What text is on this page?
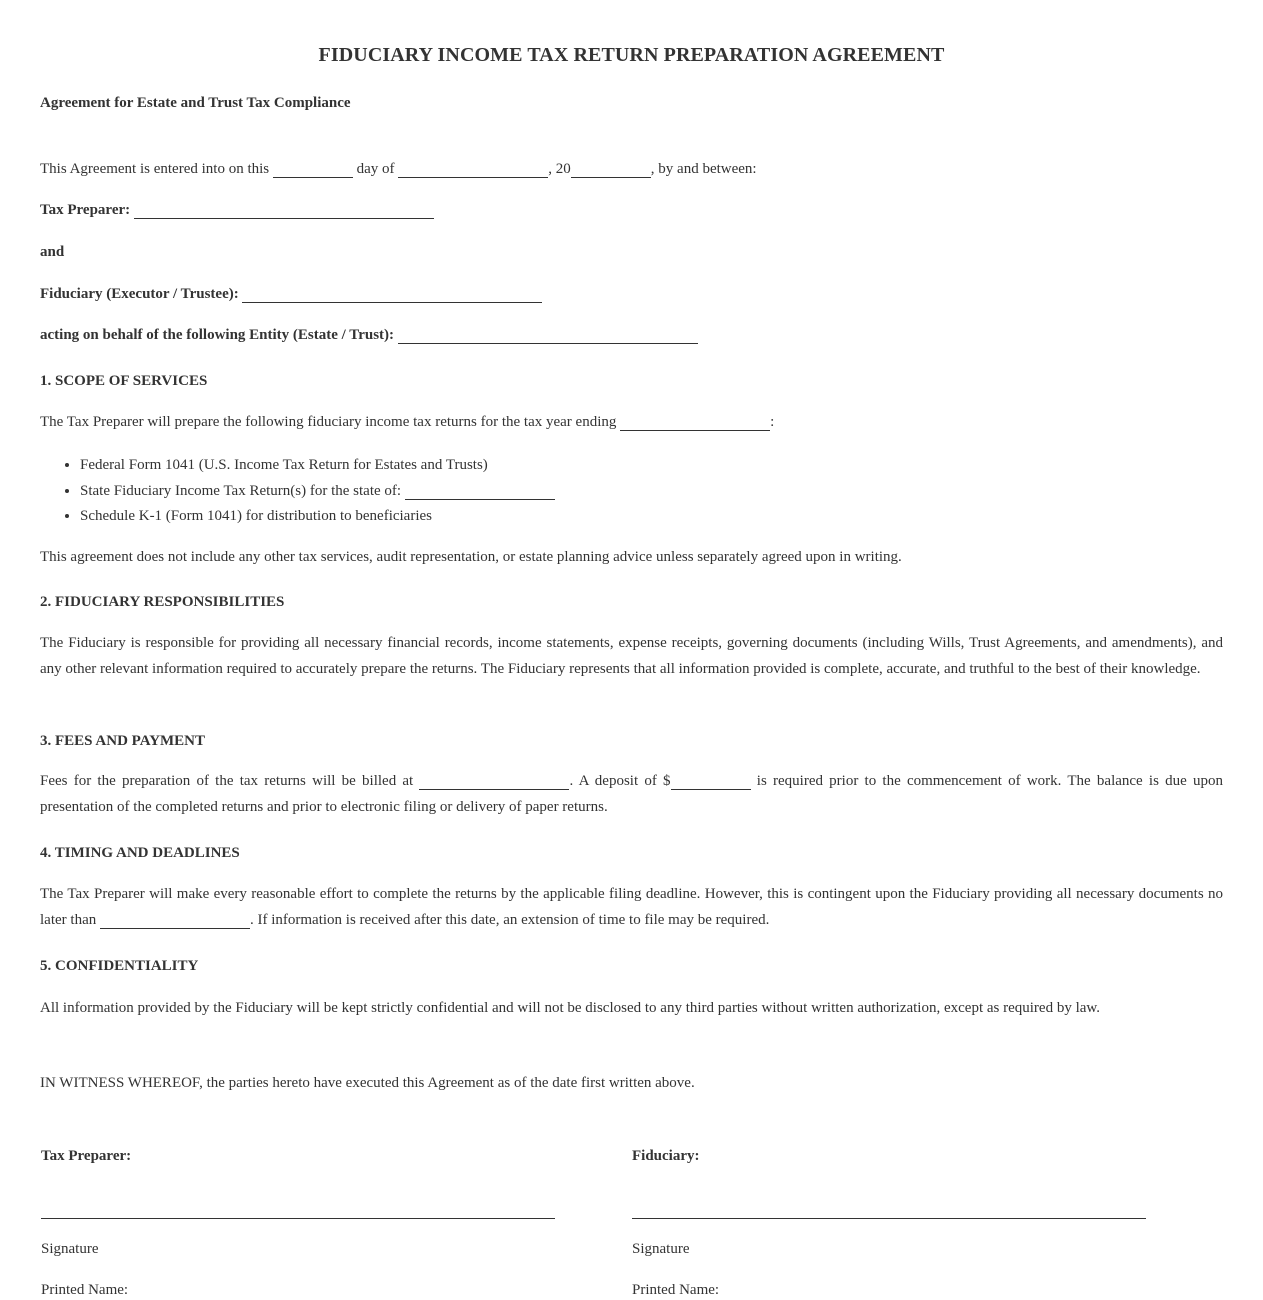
FIDUCIARY INCOME TAX RETURN PREPARATION AGREEMENT
Agreement for Estate and Trust Tax Compliance
This Agreement is entered into on this	day of	, 20	, by and between:
Tax Preparer:
and
Fiduciary (Executor / Trustee):
acting on behalf of the following Entity (Estate / Trust):
1. SCOPE OF SERVICES
The Tax Preparer will prepare the following fiduciary income tax returns for the tax year ending	:
• Federal Form 1041 (U.S. Income Tax Return for Estates and Trusts)
• State Fiduciary Income Tax Return(s) for the state of:
• Schedule K-1 (Form 1041) for distribution to beneficiaries
This agreement does not include any other tax services, audit representation, or estate planning advice unless separately agreed upon in writing.
2. FIDUCIARY RESPONSIBILITIES
The Fiduciary is responsible for providing all necessary financial records, income statements, expense receipts, governing documents (including Wills, Trust Agreements, and amendments), and any other relevant information required to accurately prepare the returns. The Fiduciary represents that all information provided is complete, accurate, and truthful to the best of their knowledge.
3. FEES AND PAYMENT
Fees for the preparation of the tax returns will be billed at	. A deposit of $	is required prior to the commencement of work. The balance is due upon presentation of the completed returns and prior to electronic filing or delivery of paper returns.
4. TIMING AND DEADLINES
The Tax Preparer will make every reasonable effort to complete the returns by the applicable filing deadline. However, this is contingent upon the Fiduciary providing all necessary documents no later than	. If information is received after this date, an extension of time to file may be required.
5. CONFIDENTIALITY
All information provided by the Fiduciary will be kept strictly confidential and will not be disclosed to any third parties without written authorization, except as required by law.
IN WITNESS WHEREOF, the parties hereto have executed this Agreement as of the date first written above.
Tax Preparer:
Signature
Printed Name:
Fiduciary:
Signature
Printed Name:
